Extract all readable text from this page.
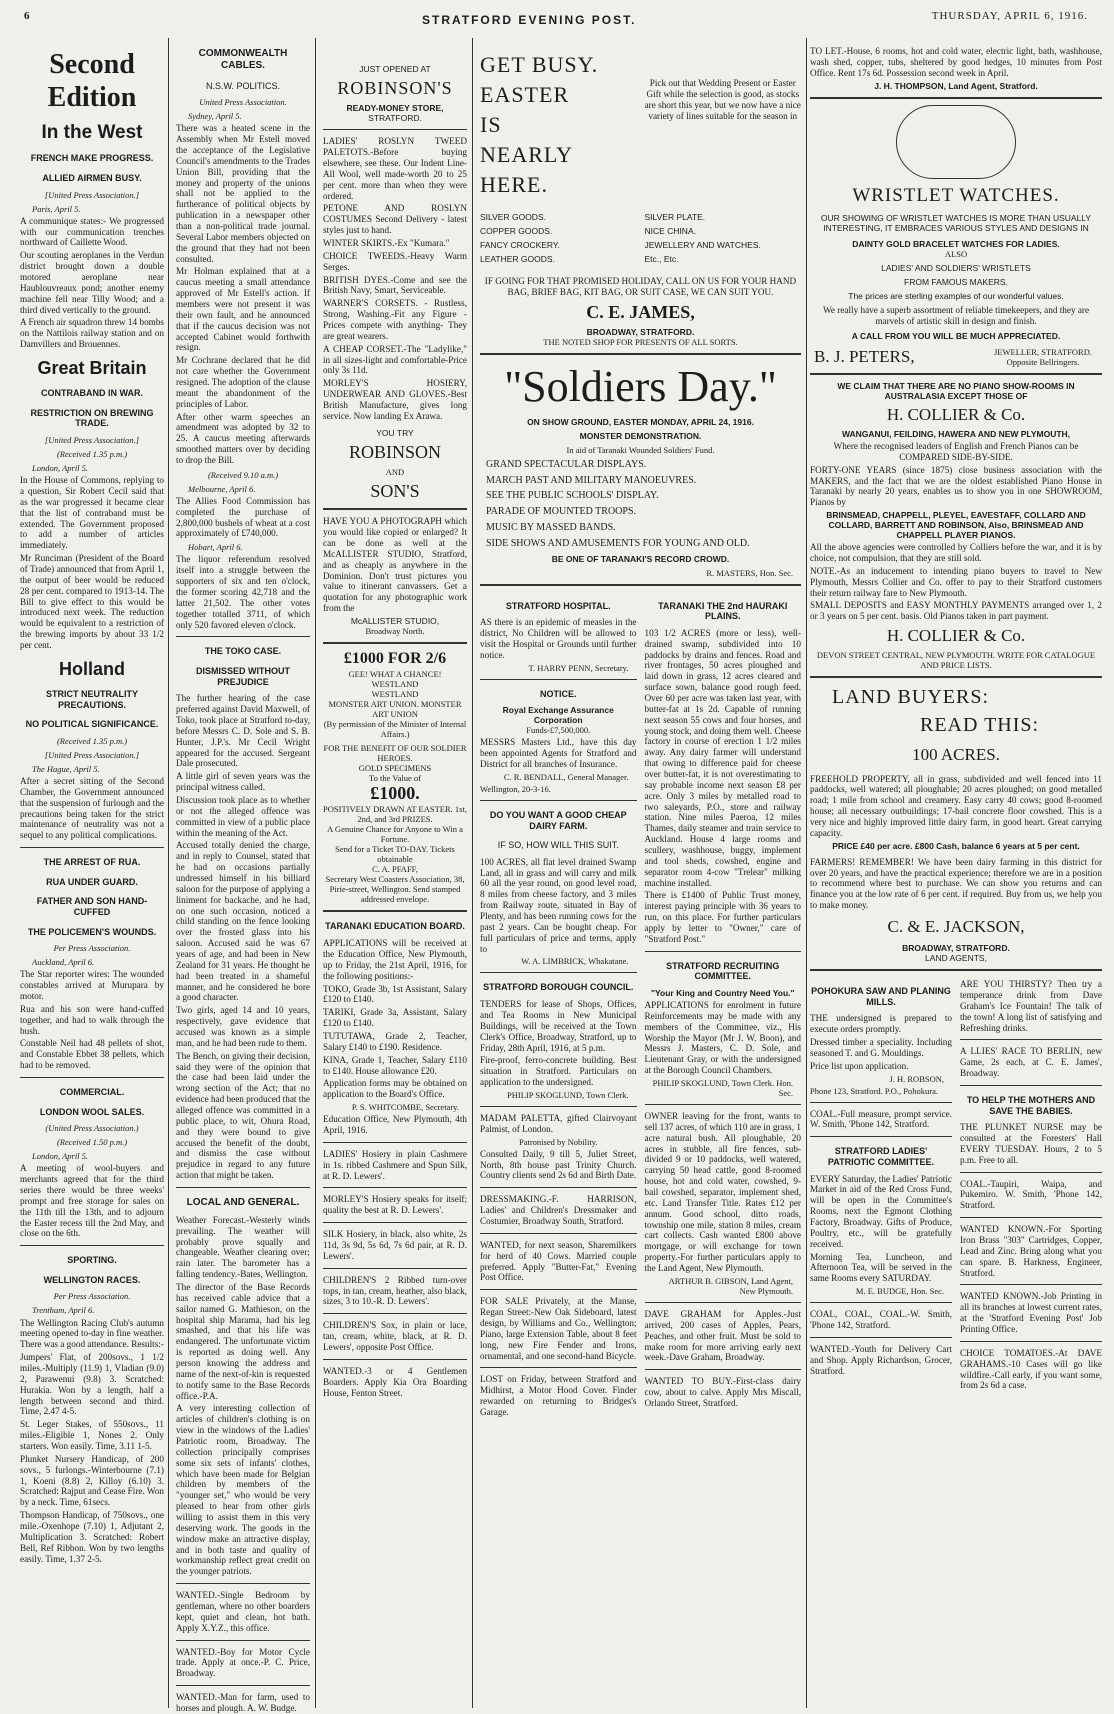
6	STRATFORD EVENING POST.	THURSDAY, APRIL 6, 1916.
Second Edition
In the West
FRENCH MAKE PROGRESS.
ALLIED AIRMEN BUSY.
[United Press Association.]
Paris, April 5.

A communique states:- We progressed with our communication trenches northward of Caillette Wood.

Our scouting aeroplanes in the Verdun district brought down a double motored aeroplane near Haublouvreaux pond; another enemy machine fell near Tilly Wood; and a third dived vertically to the ground.

A French air squadron threw 14 bombs on the Nattilois railway station and on Damvillers and Brouennes.

Great Britain
CONTRABAND IN WAR.
RESTRICTION ON BREWING TRADE.
[United Press Association.]
(Received 1.35 p.m.)
London, April 5.

In the House of Commons, replying to a question, Sir Robert Cecil said that as the war progressed it became clear that the list of contraband must be extended. The Government proposed to add a number of articles immediately.

Mr Runciman (President of the Board of Trade) announced that from April 1, the output of beer would be reduced 28 per cent. compared to 1913-14. The Bill to give effect to this would be introduced next week. The reduction would be equivalent to a restriction of the brewing imports by about 33 1/2 per cent.

Holland
STRICT NEUTRALITY PRECAUTIONS.
NO POLITICAL SIGNIFICANCE.
(Received 1.35 p.m.)
[United Press Association.]
The Hague, April 5.

After a secret sitting of the Second Chamber, the Government announced that the suspension of furlough and the precautions being taken for the strict maintenance of neutrality was not a sequel to any political complications.

THE ARREST OF RUA.
RUA UNDER GUARD.
FATHER AND SON HAND-CUFFED
THE POLICEMEN'S WOUNDS.
Per Press Association.
Auckland, April 6.

The Star reporter wires: The wounded constables arrived at Murupara by motor.

Rua and his son were hand-cuffed together, and had to walk through the bush.

Constable Neil had 48 pellets of shot, and Constable Ebbet 38 pellets, which had to be removed.

COMMERCIAL.
LONDON WOOL SALES.
(United Press Association.)
(Received 1.50 p.m.)
London, April 5.

A meeting of wool-buyers and merchants agreed that for the third series there would be three weeks' prompt and free storage for sales on the 11th till the 13th, and to adjourn the Easter recess till the 2nd May, and close on the 6th.

SPORTING.
WELLINGTON RACES.
Per Press Association.
Trentham, April 6.

The Wellington Racing Club's autumn meeting opened to-day in fine weather. There was a good attendance. Results:-

Jumpers' Flat, of 200sovs., 1 1/2 miles.-Multiply (11.9) 1, Vladian (9.0) 2, Parawenui (9.8) 3. Scratched: Hurakia. Won by a length, half a length between second and third. Time, 2.47 4-5.

St. Leger Stakes, of 550sovs., 11 miles.-Eligible 1, Nones 2. Only starters. Won easily. Time, 3.11 1-5.

Plunket Nursery Handicap, of 200 sovs., 5 furlongs.-Winterbourne (7.1) 1, Koeni (8.8) 2, Killoy (6.10) 3. Scratched: Rajput and Cease Fire. Won by a neck. Time, 61secs.

Thompson Handicap, of 750sovs., one mile.-Oxenhope (7.10) 1, Adjutant 2, Multiplication 3. Scratched: Robert Bell, Ref Ribbon. Won by two lengths easily. Time, 1.37 2-5.

COMMONWEALTH CABLES.
N.S.W. POLITICS.
United Press Association.
Sydney, April 5.

There was a heated scene in the Assembly when Mr Estell moved the acceptance of the Legislative Council's amendments to the Trades Union Bill, providing that the money and property of the unions shall not be applied to the furtherance of political objects by publication in a newspaper other than a non-political trade journal. Several Labor members objected on the ground that they had not been consulted.

Mr Holman explained that at a caucus meeting a small attendance approved of Mr Estell's action. If members were not present it was their own fault, and he announced that if the caucus decision was not accepted Cabinet would forthwith resign.

Mr Cochrane declared that he did not care whether the Government resigned. The adoption of the clause meant the abandonment of the principles of Labor.

After other warm speeches an amendment was adopted by 32 to 25. A caucus meeting afterwards smoothed matters over by deciding to drop the Bill.

(Received 9.10 a.m.)
Melbourne, April 6.

The Allies Food Commission has completed the purchase of 2,800,000 bushels of wheat at a cost approximately of £740,000.

Hobart, April 6.

The liquor referendum resolved itself into a struggle between the supporters of six and ten o'clock, the former scoring 42,718 and the latter 21,502. The other votes together totalled 3711, of which only 520 favored eleven o'clock.

THE TOKO CASE.
DISMISSED WITHOUT PREJUDICE

The further hearing of the case preferred against David Maxwell, of Toko, took place at Stratford to-day, before Messrs C. D. Sole and S. B. Hunter, J.P.'s. Mr Cecil Wright appeared for the accused. Sergeant Dale prosecuted.

A little girl of seven years was the principal witness called.

Discussion took place as to whether or not the alleged offence was committed in view of a public place within the meaning of the Act.

Accused totally denied the charge, and in reply to Counsel, stated that he had on occasions partially undressed himself in his billiard saloon for the purpose of applying a liniment for backache, and he had, on one such occasion, noticed a child standing on the fence looking over the frosted glass into his saloon. Accused said he was 67 years of age, and had been in New Zealand for 31 years. He thought he had been treated in a shameful manner, and he considered he bore a good character.

Two girls, aged 14 and 10 years, respectively, gave evidence that accused was known as a simple man, and he had been rude to them.

The Bench, on giving their decision, said they were of the opinion that the case had been laid under the wrong section of the Act; that no evidence had been produced that the alleged offence was committed in a public place, to wit, Ohura Road, and they were bound to give accused the benefit of the doubt, and dismiss the case without prejudice in regard to any future action that might be taken.

LOCAL AND GENERAL.

Weather Forecast.-Westerly winds prevailing. The weather will probably prove squally and changeable. Weather clearing over; rain later. The barometer has a falling tendency.-Bates, Wellington.

The director of the Base Records has received cable advice that a sailor named G. Mathieson, on the hospital ship Marama, had his leg smashed, and that his life was endangered. The unfortunate victim is reported as doing well. Any person knowing the address and name of the next-of-kin is requested to notify same to the Base Records office.-P.A.

A very interesting collection of articles of children's clothing is on view in the windows of the Ladies' Patriotic room, Broadway. The collection principally comprises some six sets of infants' clothes, which have been made for Belgian children by members of the "younger set," who would be very pleased to hear from other girls willing to assist them in this very deserving work. The goods in the window make an attractive display, and in both taste and quality of workmanship reflect great credit on the younger patriots.

WANTED.-Single Bedroom by gentleman, where no other boarders kept, quiet and clean, hot bath. Apply X.Y.Z., this office.

WANTED.-Boy for Motor Cycle trade. Apply at once.-P. C. Price, Broadway.

WANTED.-Man for farm, used to horses and plough. A. W. Budge.

JUST OPENED AT
ROBINSON'S
READY-MONEY STORE,
STRATFORD.

LADIES' ROSLYN TWEED PALETOTS.-Before buying elsewhere, see these. Our Indent Line-All Wool, well made-worth 20 to 25 per cent. more than when they were ordered.

PETONE AND ROSLYN COSTUMES Second Delivery - latest styles just to hand.

WINTER SKIRTS.-Ex "Kumara."

CHOICE TWEEDS.-Heavy Warm Serges.

BRITISH DYES.-Come and see the British Navy, Smart, Serviceable.

WARNER'S CORSETS. - Rustless, Strong, Washing.-Fit any Figure -Prices compete with anything- They are great wearers.

A CHEAP CORSET.-The "Ladylike," in all sizes-light and comfortable-Price only 3s 11d.

MORLEY'S HOSIERY, UNDERWEAR AND GLOVES.-Best British Manufacture, gives long service. Now landing Ex Arawa.

YOU TRY
ROBINSON
AND
SON'S

HAVE YOU A PHOTOGRAPH which you would like copied or enlarged? It can be done as well at the McALLISTER STUDIO, Stratford, and as cheaply as anywhere in the Dominion. Don't trust pictures you value to itinerant canvassers. Get a quotation for any photographic work from the

McALLISTER STUDIO,
Broadway North.
£1000 FOR 2/6
GEE! WHAT A CHANCE!
WESTLAND
WESTLAND
MONSTER ART UNION. MONSTER ART UNION
(By permission of the Minister of Internal Affairs.)
FOR THE BENEFIT OF OUR SOLDIER HEROES.
GOLD SPECIMENS
To the Value of
£1000.
POSITIVELY DRAWN AT EASTER. 1st, 2nd, and 3rd PRIZES.
A Genuine Chance for Anyone to Win a Fortune.
Send for a Ticket TO-DAY. Tickets obtainable
C. A. PFAFF,
Secretary West Coasters Association, 38, Pirie-street, Wellington. Send stamped addressed envelope.
TARANAKI EDUCATION BOARD.

APPLICATIONS will be received at the Education Office, New Plymouth, up to Friday, the 21st April, 1916, for the following positions:-

TOKO, Grade 3b, 1st Assistant, Salary £120 to £140.

TARIKI, Grade 3a, Assistant, Salary £120 to £140.

TUTUTAWA, Grade 2, Teacher, Salary £140 to £190. Residence.

KINA, Grade 1, Teacher, Salary £110 to £140. House allowance £20.

Application forms may be obtained on application to the Board's Office.

P. S. WHITCOMBE, Secretary.

Education Office, New Plymouth, 4th April, 1916.

LADIES' Hosiery in plain Cashmere in 1s. ribbed Cashmere and Spun Silk, at R. D. Lewers'.

MORLEY'S Hosiery speaks for itself; quality the best at R. D. Lewers'.

SILK Hosiery, in black, also white, 2s 11d, 3s 9d, 5s 6d, 7s 6d pair, at R. D. Lewers'.

CHILDREN'S 2 Ribbed turn-over tops, in tan, cream, heather, also black, sizes, 3 to 10.-R. D. Lewers'.

CHILDREN'S Sox, in plain or lace, tan, cream, white, black, at R. D. Lewers', opposite Post Office.

WANTED.-3 or 4 Gentlemen Boarders. Apply Kia Ora Boarding House, Fenton Street.

GET BUSY.
EASTER
IS
NEARLY
HERE.

Pick out that Wedding Present or Easter Gift while the selection is good, as stocks are short this year, but we now have a nice variety of lines suitable for the season in

SILVER GOODS.
COPPER GOODS.
FANCY CROCKERY.
LEATHER GOODS.
SILVER PLATE.
NICE CHINA.
JEWELLERY AND WATCHES.
Etc., Etc.

IF GOING FOR THAT PROMISED HOLIDAY, CALL ON US FOR YOUR HAND BAG, BRIEF BAG, KIT BAG, OR SUIT CASE, WE CAN SUIT YOU.

C. E. JAMES,
BROADWAY, STRATFORD.
THE NOTED SHOP FOR PRESENTS OF ALL SORTS.
"Soldiers Day."
ON SHOW GROUND, EASTER MONDAY, APRIL 24, 1916.
MONSTER DEMONSTRATION.
In aid of Taranaki Wounded Soldiers' Fund.
GRAND SPECTACULAR DISPLAYS.
MARCH PAST AND MILITARY MANOEUVRES.
SEE THE PUBLIC SCHOOLS' DISPLAY.
PARADE OF MOUNTED TROOPS.
MUSIC BY MASSED BANDS.
SIDE SHOWS AND AMUSEMENTS FOR YOUNG AND OLD.
BE ONE OF TARANAKI'S RECORD CROWD.
R. MASTERS, Hon. Sec.
STRATFORD HOSPITAL.

AS there is an epidemic of measles in the district, No Children will be allowed to visit the Hospital or Grounds until further notice.

T. HARRY PENN, Secretary.
NOTICE.
Royal Exchange Assurance Corporation
Funds-£7,500,000.

MESSRS Masters Ltd., have this day been appointed Agents for Stratford and District for all branches of Insurance.

C. R. BENDALL, General Manager.
Wellington, 20-3-16.
DO YOU WANT A GOOD CHEAP DAIRY FARM.
IF SO, HOW WILL THIS SUIT.

100 ACRES, all flat level drained Swamp Land, all in grass and will carry and milk 60 all the year round, on good level road, 8 miles from cheese factory, and 3 miles from Railway route, situated in Bay of Plenty, and has been running cows for the past 2 years. Can be bought cheap. For full particulars of price and terms, apply to

W. A. LIMBRICK, Whakatane.
STRATFORD BOROUGH COUNCIL.

TENDERS for lease of Shops, Offices, and Tea Rooms in New Municipal Buildings, will be received at the Town Clerk's Office, Broadway, Stratford, up to Friday, 28th April, 1916, at 5 p.m.

Fire-proof, ferro-concrete building. Best situation in Stratford. Particulars on application to the undersigned.

PHILIP SKOGLUND, Town Clerk.

MADAM PALETTA, gifted Clairvoyant Palmist, of London.

Patronised by Nobility.

Consulted Daily, 9 till 5, Juliet Street, North, 8th house past Trinity Church. Country clients send 2s 6d and Birth Date.

DRESSMAKING.-F. HARRISON, Ladies' and Children's Dressmaker and Costumier, Broadway South, Stratford.

WANTED, for next season, Sharemilkers for herd of 40 Cows. Married couple preferred. Apply "Butter-Fat," Evening Post Office.

FOR SALE Privately, at the Manse, Regan Street:-New Oak Sideboard, latest design, by Williams and Co., Wellington; Piano, large Extension Table, about 8 feet long, new Fire Fender and Irons, ornamental, and one second-hand Bicycle.

LOST on Friday, between Stratford and Midhirst, a Motor Hood Cover. Finder rewarded on returning to Bridges's Garage.

TARANAKI THE 2nd HAURAKI PLAINS.

103 1/2 ACRES (more or less), well-drained swamp, subdivided into 10 paddocks by drains and fences. Road and river frontages, 50 acres ploughed and laid down in grass, 12 acres cleared and surface sown, balance good rough feed. Over 60 per acre was taken last year, with butter-fat at 1s 2d. Capable of running next season 55 cows and four horses, and young stock, and doing them well. Cheese factory in course of erection 1 1/2 miles away. Any dairy farmer will understand that owing to difference paid for cheese over butter-fat, it is not overestimating to say probable income next season £8 per acre. Only 3 miles by metalled road to two saleyards, P.O., store and railway station. Nine miles Paeroa, 12 miles Thames, daily steamer and train service to Auckland. House 4 large rooms and scullery, washhouse, buggy, implement and tool sheds, cowshed, engine and separator room 4-cow "Trelear" milking machine installed.

There is £1400 of Public Trust money, interest paying principle with 36 years to run, on this place. For further particulars apply by letter to "Owner," care of "Stratford Post."

STRATFORD RECRUITING COMMITTEE.
"Your King and Country Need You."

APPLICATIONS for enrolment in future Reinforcements may be made with any members of the Committee, viz., His Worship the Mayor (Mr J. W. Boon), and Messrs J. Masters, C. D. Sole, and Lieutenant Gray, or with the undersigned at the Borough Council Chambers.

PHILIP SKOGLUND, Town Clerk. Hon. Sec.

OWNER leaving for the front, wants to sell 137 acres, of which 110 are in grass, 1 acre natural bush. All ploughable, 20 acres in stubble, all fire fences, sub-divided 9 or 10 paddocks, well watered, carrying 50 head cattle, good 8-roomed house, hot and cold water, cowshed, 9-bail cowshed, separator, implement shed, etc. Land Transfer Title. Rates £12 per annum. Good school, ditto roads, township one mile, station 8 miles, cream cart collects. Cash wanted £800 above mortgage, or will exchange for town property.-For further particulars apply to the Land Agent, New Plymouth.

ARTHUR B. GIBSON, Land Agent, New Plymouth.

DAVE GRAHAM for Apples.-Just arrived, 200 cases of Apples, Pears, Peaches, and other fruit. Must be sold to make room for more arriving early next week.-Dave Graham, Broadway.

WANTED TO BUY.-First-class dairy cow, about to calve. Apply Mrs Miscall, Orlando Street, Stratford.

TO LET.-House, 6 rooms, hot and cold water, electric light, bath, washhouse, wash shed, copper, tubs, sheltered by good hedges, 10 minutes from Post Office. Rent 17s 6d. Possession second week in April.

J. H. THOMPSON, Land Agent, Stratford.
WRISTLET WATCHES.

OUR SHOWING OF WRISTLET WATCHES IS MORE THAN USUALLY INTERESTING, IT EMBRACES VARIOUS STYLES AND DESIGNS IN

DAINTY GOLD BRACELET WATCHES FOR LADIES.
ALSO
LADIES' AND SOLDIERS' WRISTLETS
FROM FAMOUS MAKERS.
The prices are sterling examples of our wonderful values.

We really have a superb assortment of reliable timekeepers, and they are marvels of artistic skill in design and finish.

A CALL FROM YOU WILL BE MUCH APPRECIATED.
B. J. PETERS,	JEWELLER, STRATFORD. Opposite Bellringers.
WE CLAIM THAT THERE ARE NO PIANO SHOW-ROOMS IN AUSTRALASIA EXCEPT THOSE OF
H. COLLIER & Co.
WANGANUI, FEILDING, HAWERA AND NEW PLYMOUTH,

Where the recognised leaders of English and French Pianos can be COMPARED SIDE-BY-SIDE.

FORTY-ONE YEARS (since 1875) close business association with the MAKERS, and the fact that we are the oldest established Piano House in Taranaki by nearly 20 years, enables us to show you in one SHOWROOM, Pianos by

BRINSMEAD, CHAPPELL, PLEYEL, EAVESTAFF, COLLARD AND COLLARD, BARRETT AND ROBINSON, Also, BRINSMEAD AND CHAPPELL PLAYER PIANOS.

All the above agencies were controlled by Colliers before the war, and it is by choice, not compulsion, that they are still sold.

NOTE.-As an inducement to intending piano buyers to travel to New Plymouth, Messrs Collier and Co. offer to pay to their Stratford customers their return railway fare to New Plymouth.

SMALL DEPOSITS and EASY MONTHLY PAYMENTS arranged over 1, 2 or 3 years on 5 per cent. basis. Old Pianos taken in part payment.

H. COLLIER & Co.
DEVON STREET CENTRAL, NEW PLYMOUTH. WRITE FOR CATALOGUE AND PRICE LISTS.
LAND BUYERS:
READ THIS:
100 ACRES.

FREEHOLD PROPERTY, all in grass, subdivided and well fenced into 11 paddocks, well watered; all ploughable; 20 acres ploughed; on good metalled road; 1 mile from school and creamery. Easy carry 40 cows; good 8-roomed house; all necessary outbuildings; 17-bail concrete floor cowshed. This is a very nice and highly improved little dairy farm, in good heart. Great carrying capacity.

PRICE £40 per acre. £800 Cash, balance 6 years at 5 per cent.

FARMERS! REMEMBER! We have been dairy farming in this district for over 20 years, and have the practical experience; therefore we are in a position to recommend where best to purchase. We can show you returns and can finance you at the low rate of 6 per cent. if required. Buy from us, we help you to make money.

C. & E. JACKSON,
BROADWAY, STRATFORD.
LAND AGENTS,
POHOKURA SAW AND PLANING MILLS.

THE undersigned is prepared to execute orders promptly.

Dressed timber a speciality. Including seasoned T. and G. Mouldings.

Price list upon application.

J. H. ROBSON,
Phone 123, Stratford. P.O., Pohokura.

COAL.-Full measure, prompt service. W. Smith, 'Phone 142, Stratford.

STRATFORD LADIES' PATRIOTIC COMMITTEE.

EVERY Saturday, the Ladies' Patriotic Market in aid of the Red Cross Fund, will be open in the Committee's Rooms, next the Egmont Clothing Factory, Broadway. Gifts of Produce, Poultry, etc., will be gratefully received.

Morning Tea, Luncheon, and Afternoon Tea, will be served in the same Rooms every SATURDAY.

M. E. BUDGE, Hon. Sec.

COAL, COAL, COAL.-W. Smith, 'Phone 142, Stratford.

WANTED.-Youth for Delivery Cart and Shop. Apply Richardson, Grocer, Stratford.

ARE YOU THIRSTY? Then try a temperance drink from Dave Graham's Ice Fountain! The talk of the town! A long list of satisfying and Refreshing drinks.

A LLIES' RACE TO BERLIN, new Game, 2s each, at C. E. James', Broadway.

TO HELP THE MOTHERS AND SAVE THE BABIES.

THE PLUNKET NURSE may be consulted at the Foresters' Hall EVERY TUESDAY. Hours, 2 to 5 p.m. Free to all.

COAL.-Taupiri, Waipa, and Pukemiro. W. Smith, 'Phone 142, Stratford.

WANTED KNOWN.-For Sporting Iron Brass "303" Cartridges, Copper, Lead and Zinc. Bring along what you can spare. B. Harkness, Engineer, Stratford.

WANTED KNOWN.-Job Printing in all its branches at lowest current rates, at the 'Stratford Evening Post' Job Printing Office.

CHOICE TOMATOES.-At DAVE GRAHAMS.-10 Cases will go like wildfire.-Call early, if you want some, from 2s 6d a case.
